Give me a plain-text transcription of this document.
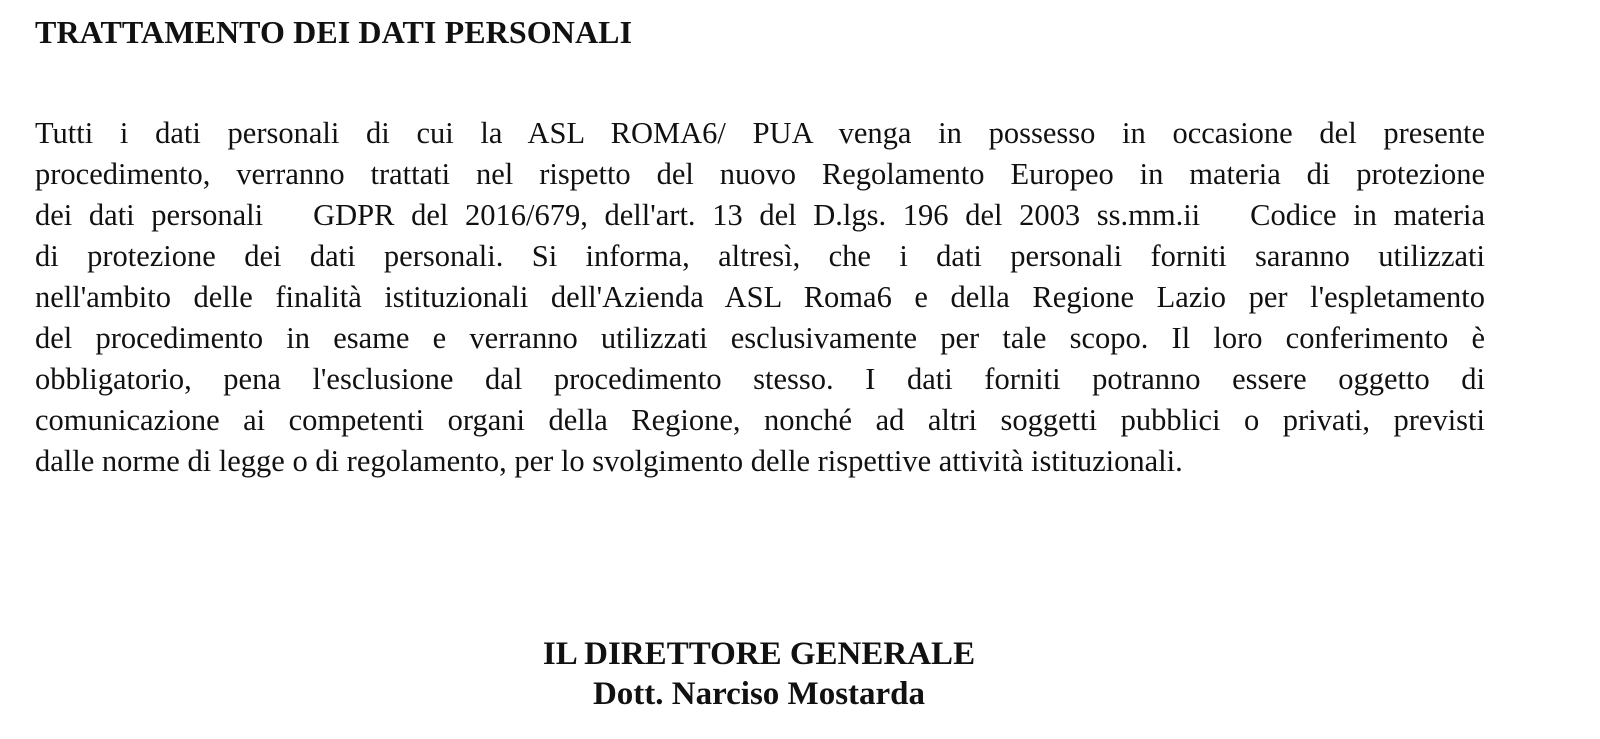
TRATTAMENTO DEI DATI PERSONALI
Tutti i dati personali di cui la ASL ROMA6/ PUA venga in possesso in occasione del presente
procedimento, verranno trattati nel rispetto del nuovo Regolamento Europeo in materia di protezione
dei dati personali   GDPR del 2016/679, dell'art. 13 del D.lgs. 196 del 2003 ss.mm.ii   Codice in materia
di protezione dei dati personali. Si informa, altresì, che i dati personali forniti saranno utilizzati
nell'ambito delle finalità istituzionali dell'Azienda ASL Roma6 e della Regione Lazio per l'espletamento
del procedimento in esame e verranno utilizzati esclusivamente per tale scopo. Il loro conferimento è
obbligatorio, pena l'esclusione dal procedimento stesso. I dati forniti potranno essere oggetto di
comunicazione ai competenti organi della Regione, nonché ad altri soggetti pubblici o privati, previsti
dalle norme di legge o di regolamento, per lo svolgimento delle rispettive attività istituzionali.
IL DIRETTORE GENERALE
Dott. Narciso Mostarda
